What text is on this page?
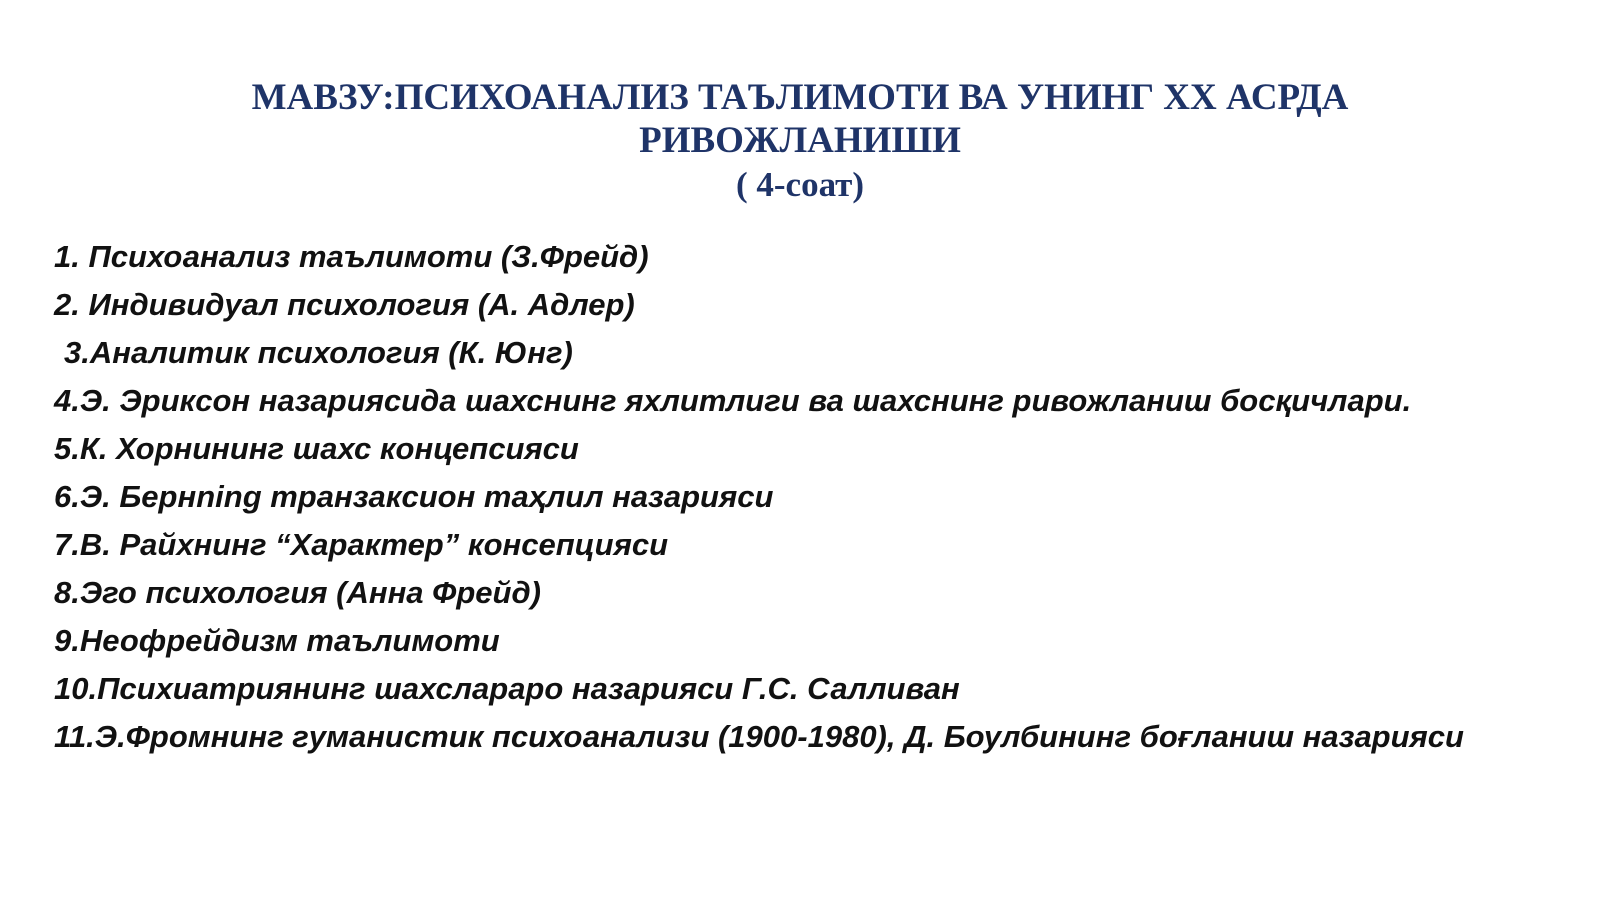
МАВЗУ:ПСИХОАНАЛИЗ ТАЪЛИМОТИ ВА УНИНГ XX АСРДА
РИВОЖЛАНИШИ
( 4-соат)
1. Психоанализ таълимоти (З.Фрейд)
2. Индивидуал психология (А. Адлер)
3.Аналитик психология (К. Юнг)
4.Э. Эриксон назариясида шахснинг яхлитлиги ва шахснинг ривожланиш босқичлари.
5.К. Хорнининг шахс концепсияси
6.Э. Бернning транзаксион таҳлил назарияси
7.В. Райхнинг “Характер” консепцияси
8.Эго психология (Анна Фрейд)
9.Неофрейдизм таълимоти
10.Психиатриянинг шахслараро назарияси Г.С. Салливан
11.Э.Фромнинг гуманистик психоанализи (1900-1980), Д. Боулбининг боғланиш назарияси
